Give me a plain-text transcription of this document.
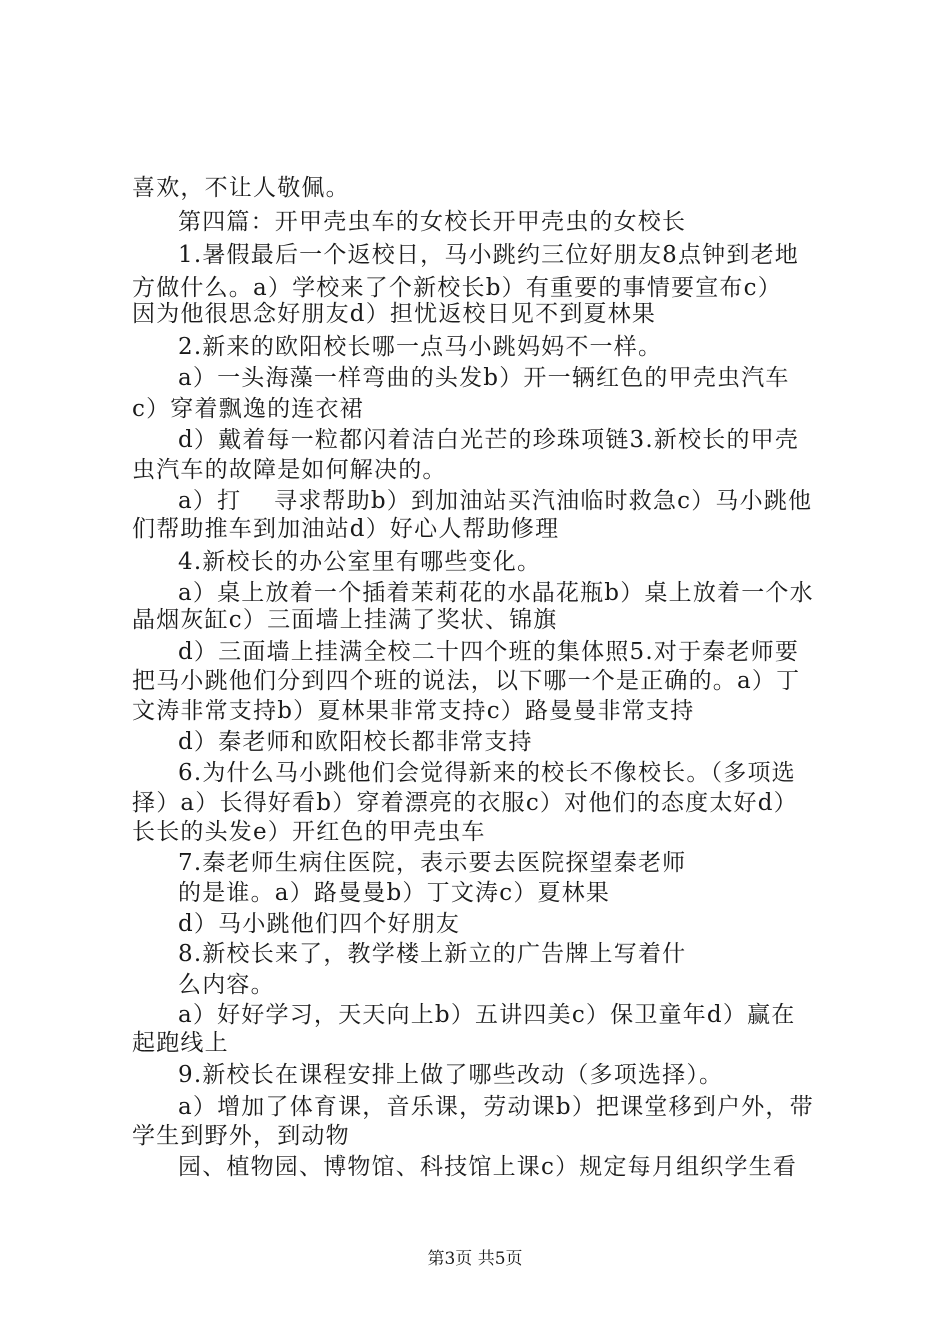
喜欢，不让人敬佩。
第四篇：开甲壳虫车的女校长开甲壳虫的女校长
1.暑假最后一个返校日，马小跳约三位好朋友8点钟到老地
方做什么。a）学校来了个新校长b）有重要的事情要宣布c）
因为他很思念好朋友d）担忧返校日见不到夏林果
2.新来的欧阳校长哪一点马小跳妈妈不一样。
a）一头海藻一样弯曲的头发b）开一辆红色的甲壳虫汽车
c）穿着飘逸的连衣裙
d）戴着每一粒都闪着洁白光芒的珍珠项链3.新校长的甲壳
虫汽车的故障是如何解决的。
a）打　 寻求帮助b）到加油站买汽油临时救急c）马小跳他
们帮助推车到加油站d）好心人帮助修理
4.新校长的办公室里有哪些变化。
a）桌上放着一个插着茉莉花的水晶花瓶b）桌上放着一个水
晶烟灰缸c）三面墙上挂满了奖状、锦旗
d）三面墙上挂满全校二十四个班的集体照5.对于秦老师要
把马小跳他们分到四个班的说法，以下哪一个是正确的。a）丁
文涛非常支持b）夏林果非常支持c）路曼曼非常支持
d）秦老师和欧阳校长都非常支持
6.为什么马小跳他们会觉得新来的校长不像校长。（多项选
择）a）长得好看b）穿着漂亮的衣服c）对他们的态度太好d）
长长的头发e）开红色的甲壳虫车
7.秦老师生病住医院，表示要去医院探望秦老师
的是谁。a）路曼曼b）丁文涛c）夏林果
d）马小跳他们四个好朋友
8.新校长来了，教学楼上新立的广告牌上写着什
么内容。
a）好好学习，天天向上b）五讲四美c）保卫童年d）赢在
起跑线上
9.新校长在课程安排上做了哪些改动（多项选择）。
a）增加了体育课，音乐课，劳动课b）把课堂移到户外，带
学生到野外，到动物
园、植物园、博物馆、科技馆上课c）规定每月组织学生看
第3页 共5页
